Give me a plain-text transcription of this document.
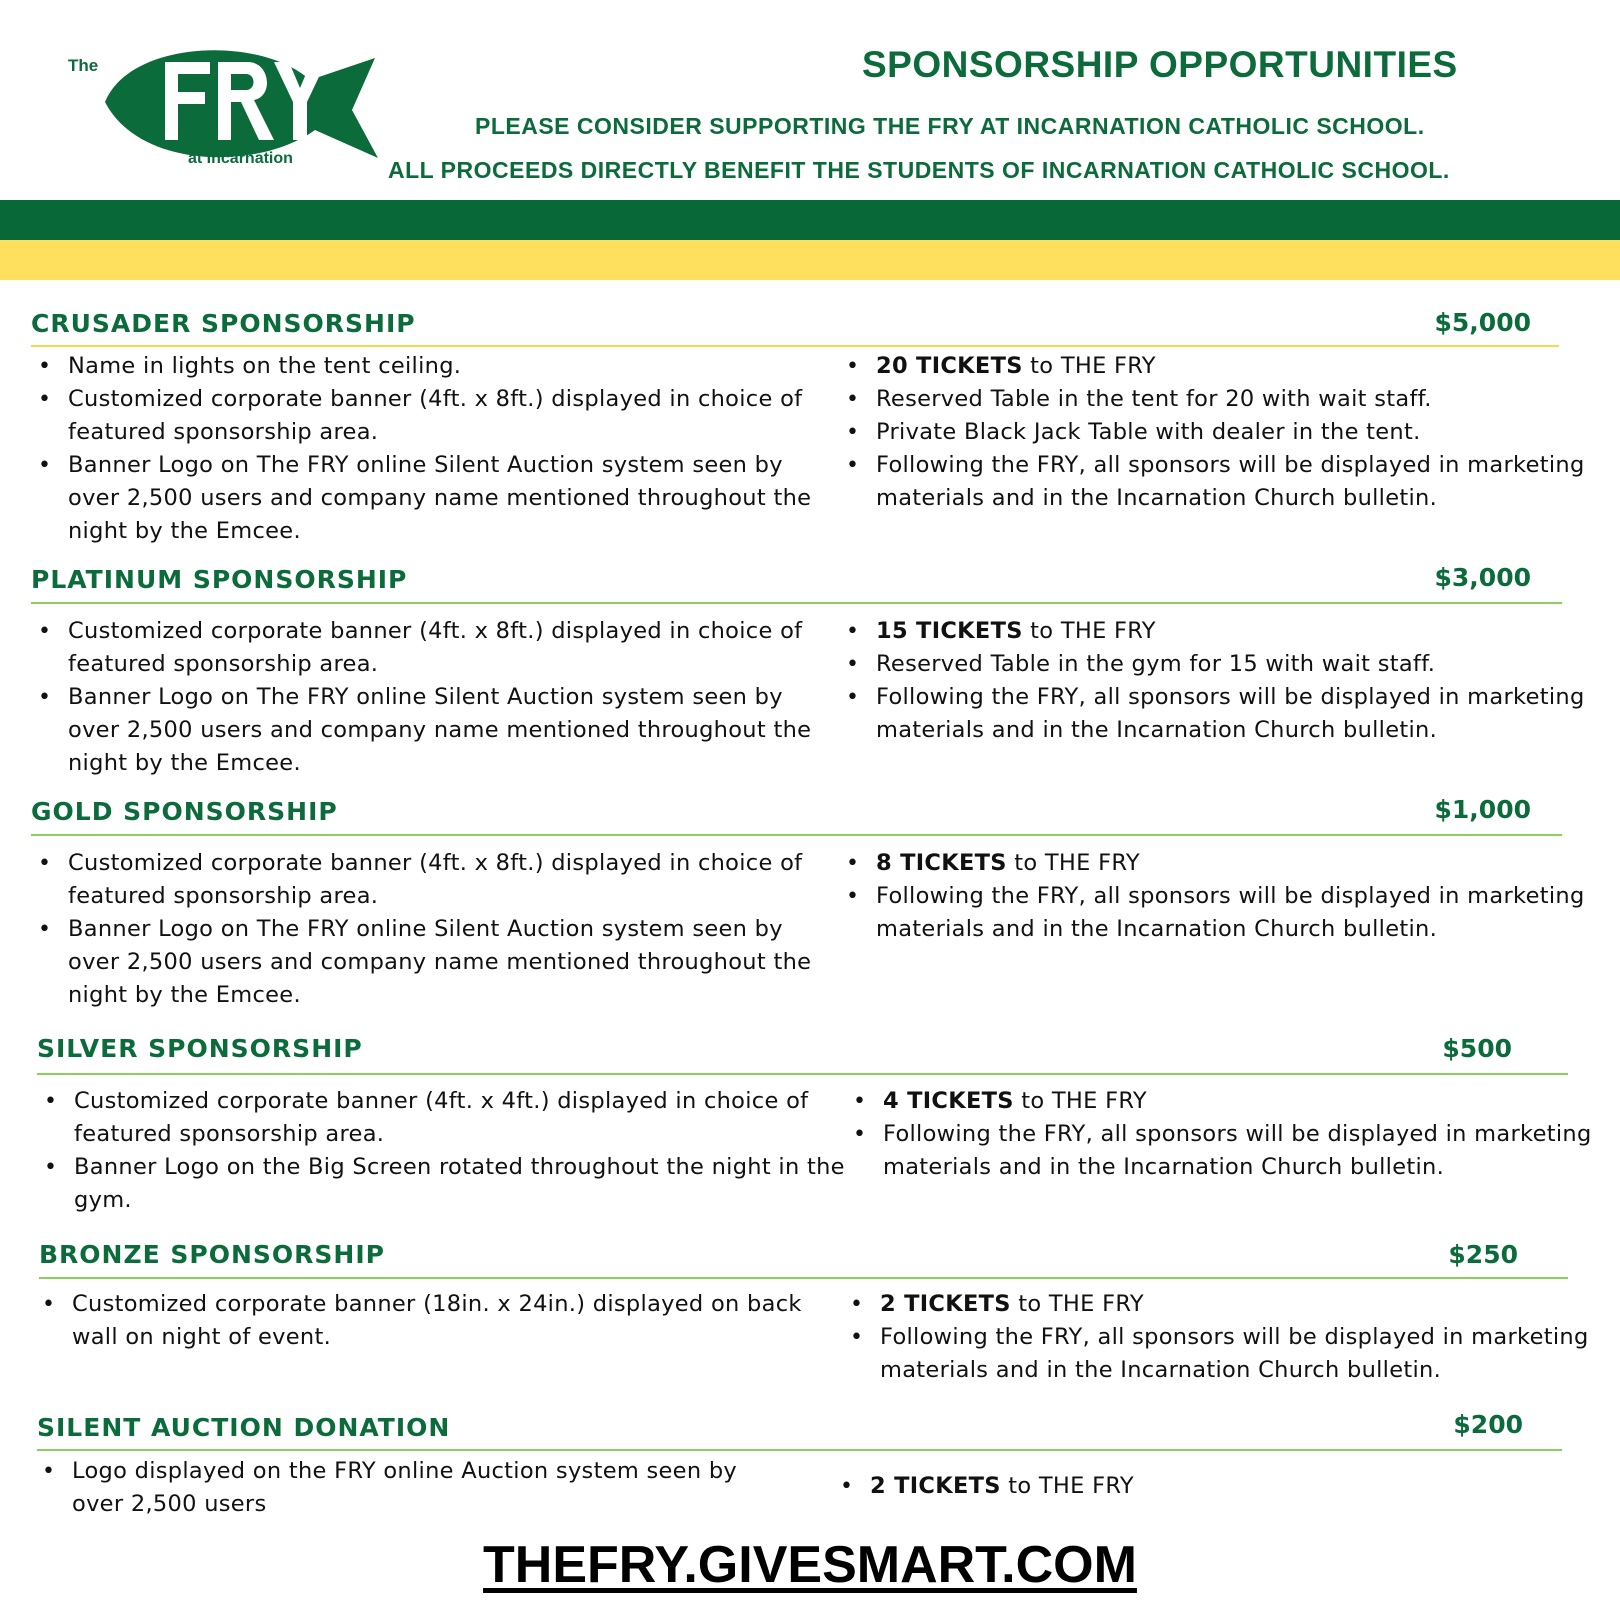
The
at Incarnation
SPONSORSHIP OPPORTUNITIES
PLEASE CONSIDER SUPPORTING THE FRY AT INCARNATION CATHOLIC SCHOOL.
ALL PROCEEDS DIRECTLY BENEFIT THE STUDENTS OF INCARNATION CATHOLIC SCHOOL.
CRUSADER SPONSORSHIP	$5,000
• Name in lights on the tent ceiling.
• Customized corporate banner (4ft. x 8ft.) displayed in choice of featured sponsorship area.
• Banner Logo on The FRY online Silent Auction system seen by over 2,500 users and company name mentioned throughout the night by the Emcee.
• 20 TICKETS to THE FRY
• Reserved Table in the tent for 20 with wait staff.
• Private Black Jack Table with dealer in the tent.
• Following the FRY, all sponsors will be displayed in marketing materials and in the Incarnation Church bulletin.
PLATINUM SPONSORSHIP	$3,000
• Customized corporate banner (4ft. x 8ft.) displayed in choice of featured sponsorship area.
• Banner Logo on The FRY online Silent Auction system seen by over 2,500 users and company name mentioned throughout the night by the Emcee.
• 15 TICKETS to THE FRY
• Reserved Table in the gym for 15 with wait staff.
• Following the FRY, all sponsors will be displayed in marketing materials and in the Incarnation Church bulletin.
GOLD SPONSORSHIP	$1,000
• Customized corporate banner (4ft. x 8ft.) displayed in choice of featured sponsorship area.
• Banner Logo on The FRY online Silent Auction system seen by over 2,500 users and company name mentioned throughout the night by the Emcee.
• 8 TICKETS to THE FRY
• Following the FRY, all sponsors will be displayed in marketing materials and in the Incarnation Church bulletin.
SILVER SPONSORSHIP	$500
• Customized corporate banner (4ft. x 4ft.) displayed in choice of featured sponsorship area.
• Banner Logo on the Big Screen rotated throughout the night in the gym.
• 4 TICKETS to THE FRY
• Following the FRY, all sponsors will be displayed in marketing materials and in the Incarnation Church bulletin.
BRONZE SPONSORSHIP	$250
• Customized corporate banner (18in. x 24in.) displayed on back wall on night of event.
• 2 TICKETS to THE FRY
• Following the FRY, all sponsors will be displayed in marketing materials and in the Incarnation Church bulletin.
SILENT AUCTION DONATION	$200
• Logo displayed on the FRY online Auction system seen by over 2,500 users
• 2 TICKETS to THE FRY
THEFRY.GIVESMART.COM
